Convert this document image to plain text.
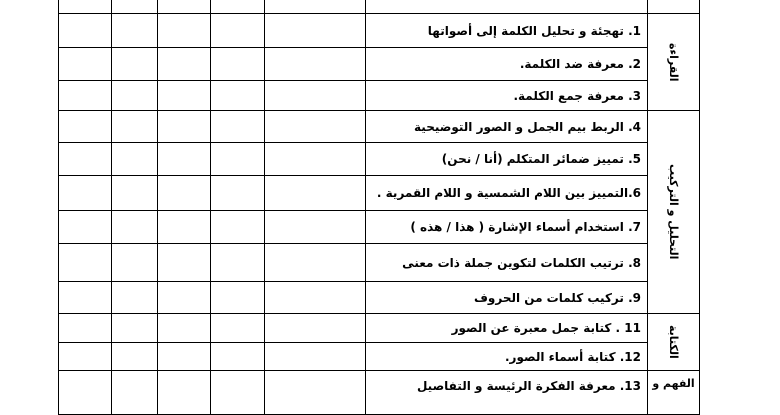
1. تهجئة و تحليل الكلمة إلى أصواتها
2. معرفة ضد الكلمة.
3. معرفة جمع الكلمة.
4. الربط بيم الجمل و الصور التوضيحية
5. تمييز ضمائر المتكلم (أنا / نحن)
6.التمييز بين اللام الشمسية و اللام القمرية .
7. استخدام أسماء الإشارة ( هذا / هذه )
8. ترتيب الكلمات لتكوين جملة ذات معنى
9. تركيب كلمات من الحروف
11 . كتابة جمل معبرة عن الصور
12. كتابة أسماء الصور.
13. معرفة الفكرة الرئيسة و التفاصيل
القراءة
التحليل و التركيب
الكتابة
الفهم و
